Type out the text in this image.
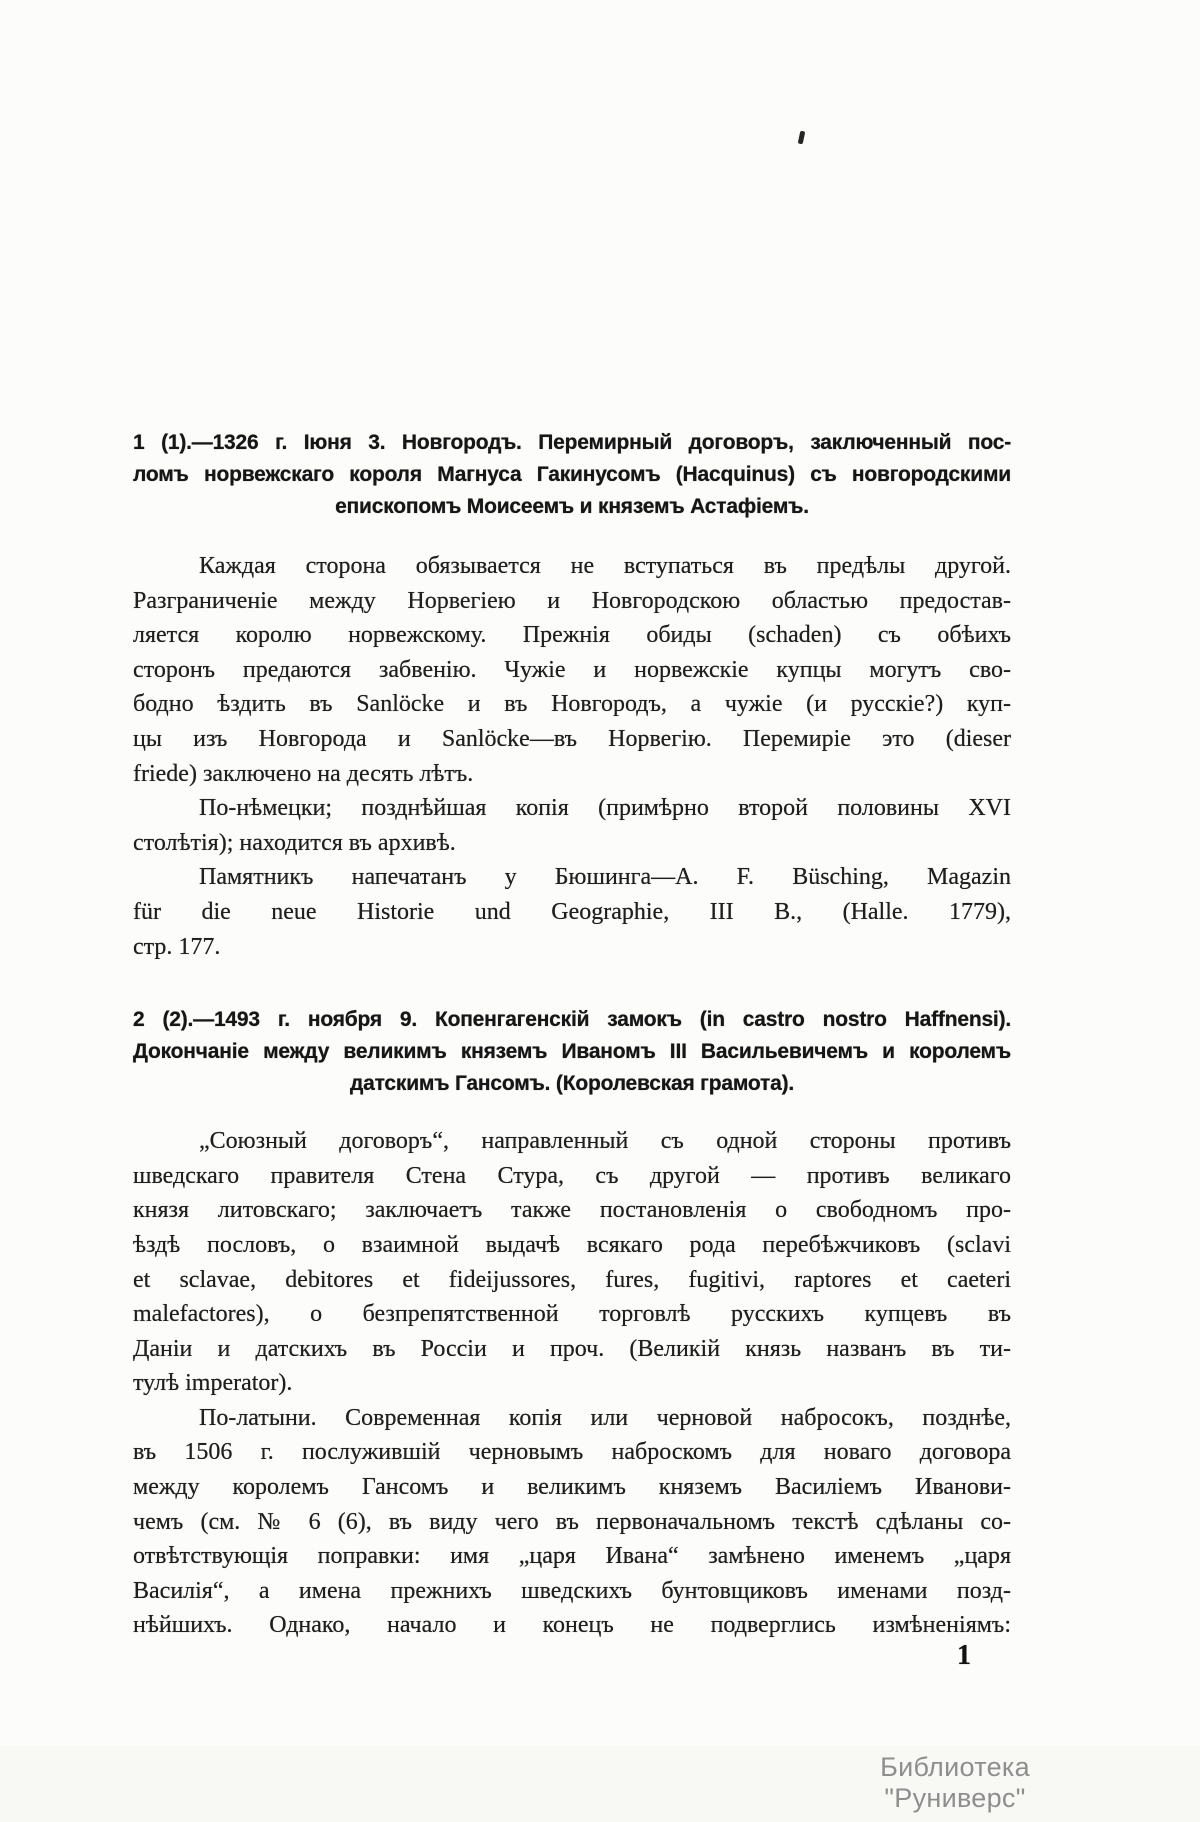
1 (1).—1326 г. Іюня 3. Новгородъ. Перемирный договоръ, заключенный пос-
ломъ норвежскаго короля Магнуса Гакинусомъ (Hacquinus) съ новгородскими
епископомъ Моисеемъ и княземъ Астафіемъ.
Каждая сторона обязывается не вступаться въ предѣлы другой.
Разграниченіе между Норвегіею и Новгородскою областью предостав-
ляется королю норвежскому. Прежнія обиды (schaden) съ обѣихъ
сторонъ предаются забвенію. Чужіе и норвежскіе купцы могутъ сво-
бодно ѣздить въ Sanlöcke и въ Новгородъ, а чужіе (и русскіе?) куп-
цы изъ Новгорода и Sanlöcke—въ Норвегію. Перемиріе это (dieser
friede) заключено на десять лѣтъ.
По-нѣмецки; позднѣйшая копія (примѣрно второй половины XVI
столѣтія); находится въ архивѣ.
Памятникъ напечатанъ у Бюшинга—A. F. Büsching, Magazin
für die neue Historie und Geographie, III B., (Halle. 1779),
стр. 177.
2 (2).—1493 г. ноября 9. Копенгагенскій замокъ (in castro nostro Haffnensi).
Докончаніе между великимъ княземъ Иваномъ III Васильевичемъ и королемъ
датскимъ Гансомъ. (Королевская грамота).
„Союзный договоръ“, направленный съ одной стороны противъ
шведскаго правителя Стена Стура, съ другой — противъ великаго
князя литовскаго; заключаетъ также постановленія о свободномъ про-
ѣздѣ пословъ, о взаимной выдачѣ всякаго рода перебѣжчиковъ (sclavi
et sclavae, debitores et fideijussores, fures, fugitivi, raptores et caeteri
malefactores), о безпрепятственной торговлѣ русскихъ купцевъ въ
Даніи и датскихъ въ Россіи и проч. (Великій князь названъ въ ти-
тулѣ imperator).
По-латыни. Современная копія или черновой набросокъ, позднѣе,
въ 1506 г. послужившій черновымъ наброскомъ для новаго договора
между королемъ Гансомъ и великимъ княземъ Василіемъ Иванови-
чемъ (см. № 6 (6), въ виду чего въ первоначальномъ текстѣ сдѣланы со-
отвѣтствующія поправки: имя „царя Ивана“ замѣнено именемъ „царя
Василія“, а имена прежнихъ шведскихъ бунтовщиковъ именами позд-
нѣйшихъ. Однако, начало и конецъ не подверглись измѣненіямъ:
1
Библиотека "Руниверс"
